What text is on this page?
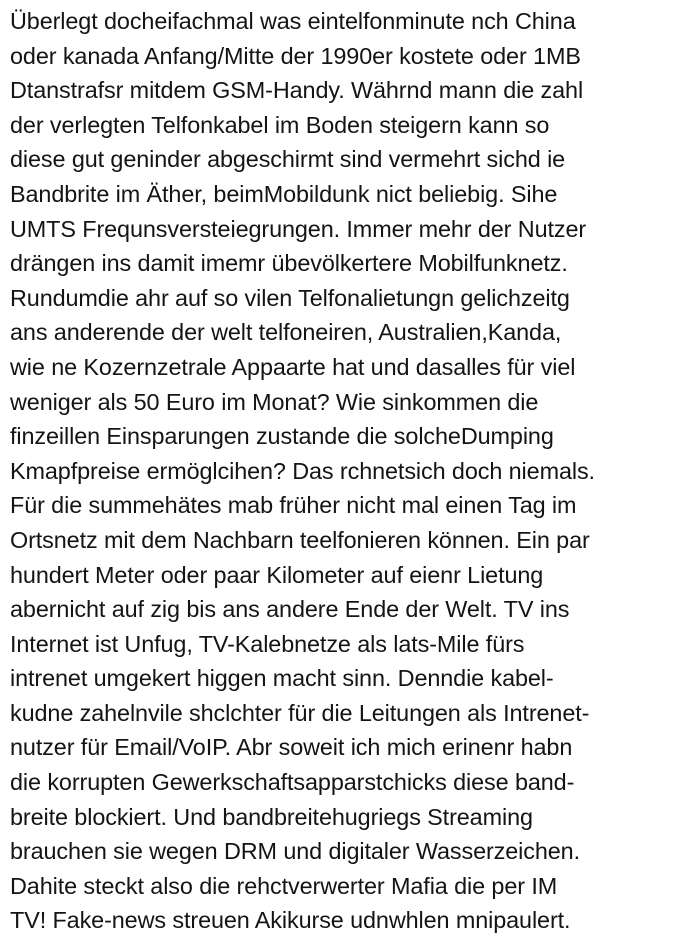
Überlegt docheifachmal was eintelfonminute nch China
oder kanada Anfang/Mitte der 1990er kostete oder 1MB
Dtanstrafsr mitdem GSM-Handy. Währnd mann die zahl
der verlegten Telfonkabel im Boden steigern kann so
diese gut geninder abgeschirmt sind vermehrt sichd ie
Bandbrite im Äther, beimMobildunk nict beliebig. Sihe
UMTS Frequnsversteiegrungen. Immer mehr der Nutzer
drängen ins damit imemr übevölkertere Mobilfunknetz.
Rundumdie ahr auf so vilen Telfonalietungn gelichzeitg
ans anderende der welt telfoneiren, Australien,Kanda,
wie ne Kozernzetrale Appaarte hat und dasalles für viel
weniger als 50 Euro im Monat? Wie sinkommen die
finzeillen Einsparungen zustande die solcheDumping
Kmapfpreise ermöglcihen? Das rchnetsich doch niemals.
Für die summehätes mab früher nicht mal einen Tag im
Ortsnetz mit dem Nachbarn teelfonieren können. Ein par
hundert Meter oder paar Kilometer auf eienr Lietung
abernicht auf zig bis ans andere Ende der Welt. TV ins
Internet ist Unfug, TV-Kalebnetze als lats-Mile fürs
intrenet umgekert higgen macht sinn. Denndie kabel-
kudne zahelnvile shclchter für die Leitungen als Intrenet-
nutzer für Email/VoIP. Abr soweit ich mich erinenr habn
die korrupten Gewerkschaftsapparstchicks diese band-
breite blockiert. Und bandbreitehugriegs Streaming
brauchen sie wegen DRM und digitaler Wasserzeichen.
Dahite steckt also die rehctverwerter Mafia die per IM
TV! Fake-news streuen Akikurse udnwhlen mnipaulert.
